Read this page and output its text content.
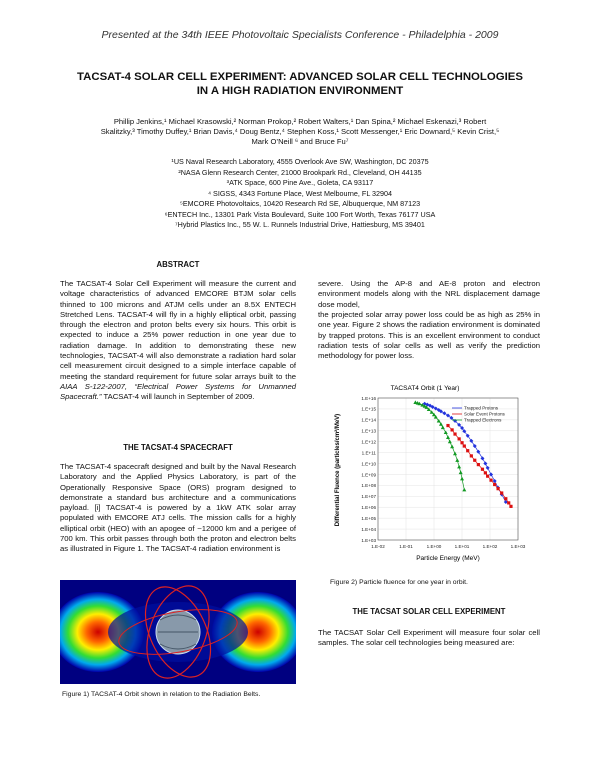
Presented at the 34th IEEE Photovoltaic Specialists Conference - Philadelphia - 2009
TACSAT-4 SOLAR CELL EXPERIMENT: ADVANCED SOLAR CELL TECHNOLOGIES
IN A HIGH RADIATION ENVIRONMENT
Phillip Jenkins,¹ Michael Krasowski,² Norman Prokop,² Robert Walters,¹ Dan Spina,² Michael Eskenazi,³ Robert
Skalitzky,³ Timothy Duffey,¹ Brian Davis,⁴ Doug Bentz,⁴ Stephen Koss,¹ Scott Messenger,¹ Eric Downard,⁵ Kevin Crist,⁵
Mark O’Neill ⁶ and Bruce Fu⁷
¹US Naval Research Laboratory, 4555 Overlook Ave SW, Washington, DC 20375
²NASA Glenn Research Center, 21000 Brookpark Rd., Cleveland, OH 44135
³ATK Space, 600 Pine Ave., Goleta, CA 93117
⁴ SIGSS, 4343 Fortune Place, West Melbourne, FL 32904
⁵EMCORE Photovoltaics, 10420 Research Rd SE, Albuquerque, NM 87123
⁶ENTECH Inc., 13301 Park Vista Boulevard, Suite 100 Fort Worth, Texas 76177 USA
⁷Hybrid Plastics Inc., 55 W. L. Runnels Industrial Drive, Hattiesburg, MS 39401
ABSTRACT
The TACSAT-4 Solar Cell Experiment will measure the current and voltage characteristics of advanced EMCORE BTJM solar cells thinned to 100 microns and ATJM cells under an 8.5X ENTECH Stretched Lens. TACSAT-4 will fly in a highly elliptical orbit, passing through the electron and proton belts every six hours. This orbit is expected to induce a 25% power reduction in one year due to radiation damage. In addition to demonstrating these new technologies, TACSAT-4 will also demonstrate a radiation hard solar cell measurement circuit designed to a simple interface capable of meeting the standard requirement for future solar arrays built to the AIAA S-122-2007, “Electrical Power Systems for Unmanned Spacecraft.” TACSAT-4 will launch in September of 2009.
THE TACSAT-4 SPACECRAFT
The TACSAT-4 spacecraft designed and built by the Naval Research Laboratory and the Applied Physics Laboratory, is part of the Operationally Responsive Space (ORS) program designed to demonstrate a standard bus architecture and a communications payload. [i] TACSAT-4 is powered by a 1kW ATK solar array populated with EMCORE ATJ cells. The mission calls for a highly elliptical orbit (HEO) with an apogee of ~12000 km and a perigee of 700 km. This orbit passes through both the proton and electron belts as illustrated in Figure 1. The TACSAT-4 radiation environment is
Figure 1) TACSAT-4 Orbit shown in relation to the Radiation Belts.
severe. Using the AP-8 and AE-8 proton and electron environment models along with the NRL displacement damage dose model,
the projected solar array power loss could be as high as 25% in one year. Figure 2 shows the radiation environment is dominated by trapped protons. This is an excellent environment to conduct radiation tests of solar cells as well as verify the prediction methodology for power loss.
TACSAT4 Orbit (1 Year)
1.E+16
1.E+15
1.E+14
1.E+13
1.E+12
1.E+11
1.E+10
1.E+09
1.E+08
1.E+07
1.E+06
1.E+05
1.E+04
1.E+03
1.E-02	1.E-01	1.E+00	1.E+01	1.E+02	1.E+03
Particle Energy (MeV)
Differential Fluence (particles/cm²/MeV)
Trapped Protons
Solar Event Protons
Trapped Electrons
Figure 2) Particle fluence for one year in orbit.
THE TACSAT SOLAR CELL EXPERIMENT
The TACSAT Solar Cell Experiment will measure four solar cell samples. The solar cell technologies being measured are:
